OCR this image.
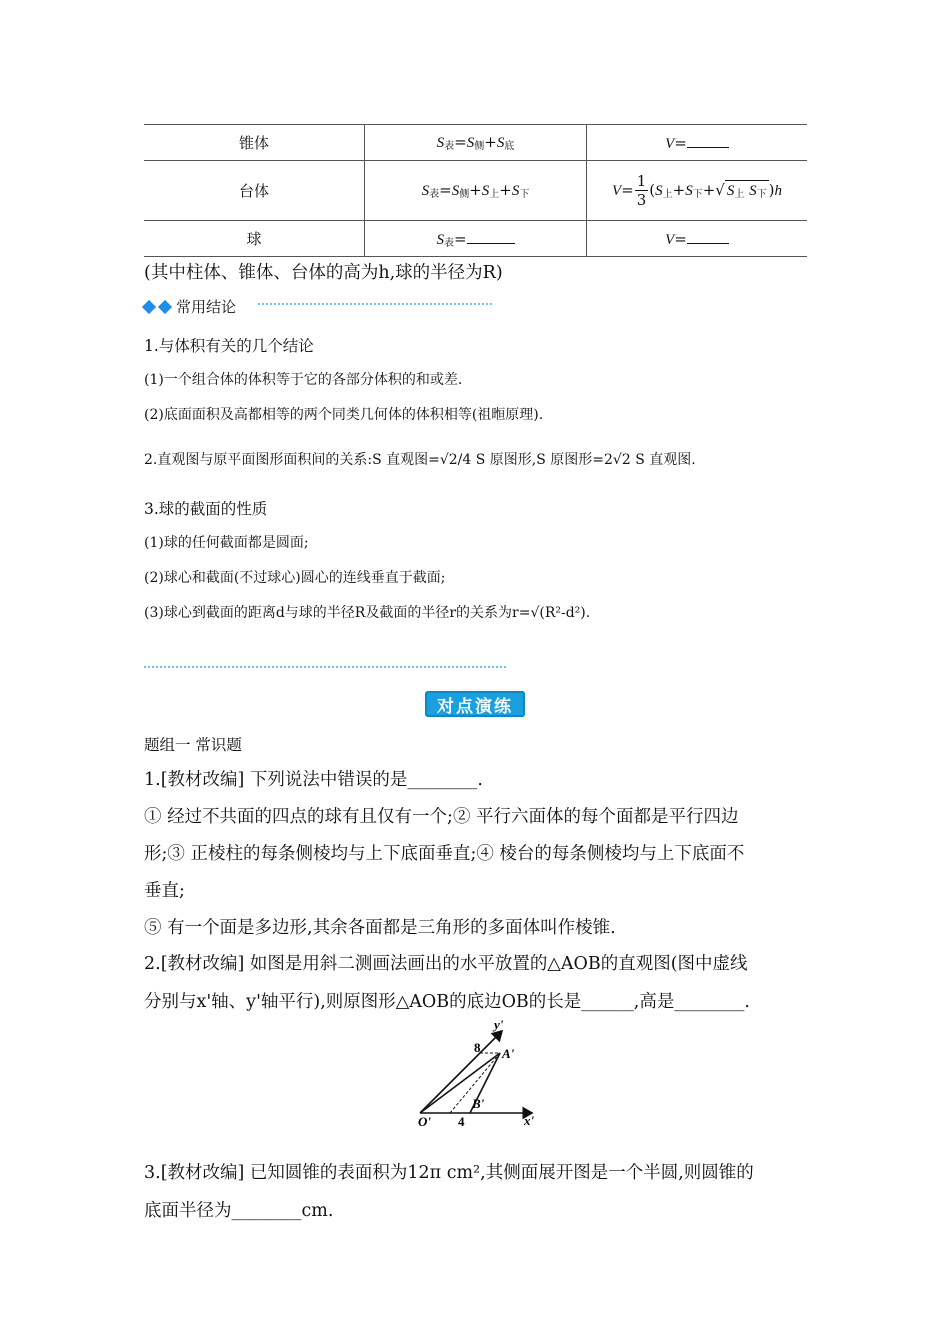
锥体	$S_表=S_侧+S_底$	V=
台体	$S_表=S_侧+S_上+S_下$	$V= \frac{1}{3} (S_上+S_下+√$ $S_上$ $S_下$ )h
球	$S_表=$	V=
(其中柱体、锥体、台体的高为h,球的半径为R)
常用结论
1.与体积有关的几个结论
(1)一个组合体的体积等于它的各部分体积的和或差.
(2)底面面积及高都相等的两个同类几何体的体积相等(祖暅原理).
2.直观图与原平面图形面积间的关系:S 直观图=√2/4 S 原图形,S 原图形=2√2 S 直观图.
3.球的截面的性质
(1)球的任何截面都是圆面;
(2)球心和截面(不过球心)圆心的连线垂直于截面;
(3)球心到截面的距离d与球的半径R及截面的半径r的关系为r=√(R²-d²).
对点演练
题组一 常识题
1.[教材改编] 下列说法中错误的是________.
① 经过不共面的四点的球有且仅有一个;② 平行六面体的每个面都是平行四边
形;③ 正棱柱的每条侧棱均与上下底面垂直;④ 棱台的每条侧棱均与上下底面不
垂直;
⑤ 有一个面是多边形,其余各面都是三角形的多面体叫作棱锥.
2.[教材改编] 如图是用斜二测画法画出的水平放置的△AOB的直观图(图中虚线
分别与x'轴、y'轴平行),则原图形△AOB的底边OB的长是______,高是________.
y'
x'
O'
A'
B'
8
4
3.[教材改编] 已知圆锥的表面积为12π cm²,其侧面展开图是一个半圆,则圆锥的
底面半径为________cm.
